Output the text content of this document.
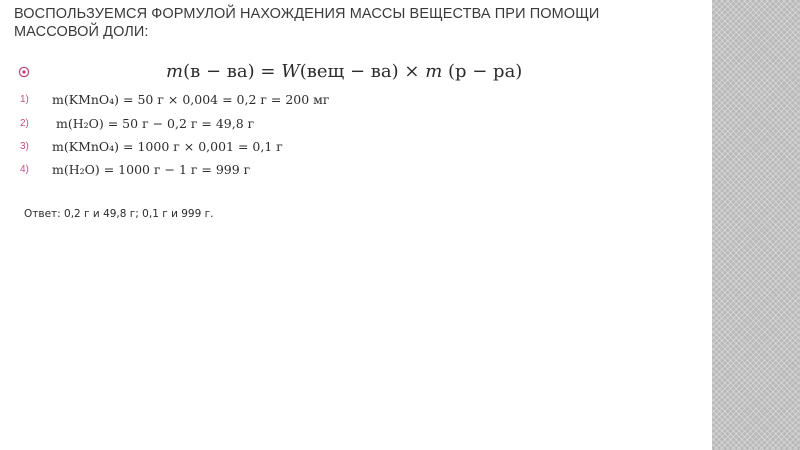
ВОСПОЛЬЗУЕМСЯ ФОРМУЛОЙ НАХОЖДЕНИЯ МАССЫ ВЕЩЕСТВА ПРИ ПОМОЩИ МАССОВОЙ ДОЛИ:
m(в − ва) = W(вещ − ва) × m (р − ра)
1) m(KMnO₄) = 50 г × 0,004 = 0,2 г = 200 мг
2) m(H₂O) = 50 г − 0,2 г = 49,8 г
3) m(KMnO₄) = 1000 г × 0,001 = 0,1 г
4) m(H₂O) = 1000 г − 1 г = 999 г
Ответ: 0,2 г и 49,8 г; 0,1 г и 999 г.
